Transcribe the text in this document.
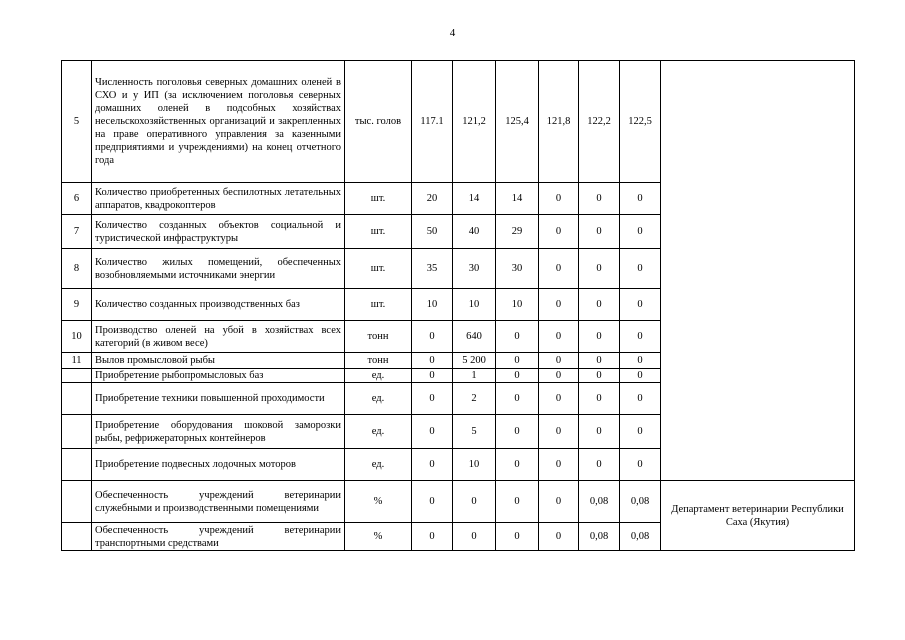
4
5	Численность поголовья северных домашних оленей в СХО и у ИП (за исключением поголовья северных домашних оленей в подсобных хозяйствах несельскохозяйственных организаций и закрепленных на праве оперативного управления за казенными предприятиями и учреждениями) на конец отчетного года	тыс. голов	117.1	121,2	125,4	121,8	122,2	122,5	
6	Количество приобретенных беспилотных летательных аппаратов, квадрокоптеров	шт.	20	14	14	0	0	0	
7	Количество созданных объектов социальной и туристической инфраструктуры	шт.	50	40	29	0	0	0	
8	Количество жилых помещений, обеспеченных возобновляемыми источниками энергии	шт.	35	30	30	0	0	0	
9	Количество созданных производственных баз	шт.	10	10	10	0	0	0	
10	Производство оленей на убой в хозяйствах всех категорий (в живом весе)	тонн	0	640	0	0	0	0	
11	Вылов промысловой рыбы	тонн	0	5 200	0	0	0	0	
	Приобретение рыбопромысловых баз	ед.	0	1	0	0	0	0	
	Приобретение техники повышенной проходимости	ед.	0	2	0	0	0	0	
	Приобретение оборудования шоковой заморозки рыбы, рефрижераторных контейнеров	ед.	0	5	0	0	0	0	
	Приобретение подвесных лодочных моторов	ед.	0	10	0	0	0	0	
	Обеспеченность учреждений ветеринарии служебными и производственными помещениями	%	0	0	0	0	0,08	0,08	Департамент ветеринарии Республики Саха (Якутия)
	Обеспеченность учреждений ветеринарии транспортными средствами	%	0	0	0	0	0,08	0,08	
